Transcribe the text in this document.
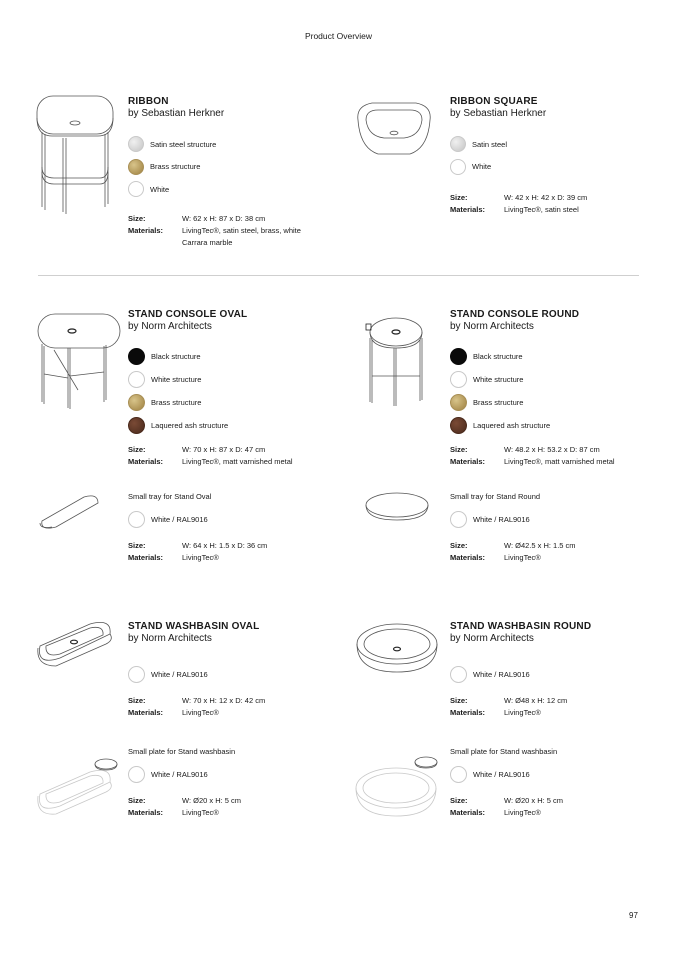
Product Overview
RIBBON
by Sebastian Herkner
Satin steel structure
Brass structure
White
Size:	W: 62 x H: 87 x D: 38 cm
Materials:	LivingTec®, satin steel, brass, white Carrara marble
RIBBON SQUARE
by Sebastian Herkner
Satin steel
White
Size:	W: 42 x H: 42 x D: 39 cm
Materials:	LivingTec®, satin steel
STAND CONSOLE OVAL
by Norm Architects
Black structure
White structure
Brass structure
Laquered ash structure
Size:	W: 70 x H: 87 x D: 47 cm
Materials:	LivingTec®, matt varnished metal
STAND CONSOLE ROUND
by Norm Architects
Black structure
White structure
Brass structure
Laquered ash structure
Size:	W: 48.2 x H: 53.2 x D: 87 cm
Materials:	LivingTec®, matt varnished metal
Small tray for Stand Oval
White / RAL9016
Size:	W: 64 x H: 1.5 x D: 36 cm
Materials:	LivingTec®
Small tray for Stand Round
White / RAL9016
Size:	W: Ø42.5 x H: 1.5 cm
Materials:	LivingTec®
STAND WASHBASIN OVAL
by Norm Architects
White / RAL9016
Size:	W: 70 x H: 12 x D: 42 cm
Materials:	LivingTec®
STAND WASHBASIN ROUND
by Norm Architects
White / RAL9016
Size:	W: Ø48 x H: 12 cm
Materials:	LivingTec®
Small plate for Stand washbasin
White / RAL9016
Size:	W: Ø20 x H: 5 cm
Materials:	LivingTec®
Small plate for Stand washbasin
White / RAL9016
Size:	W: Ø20 x H: 5 cm
Materials:	LivingTec®
97
